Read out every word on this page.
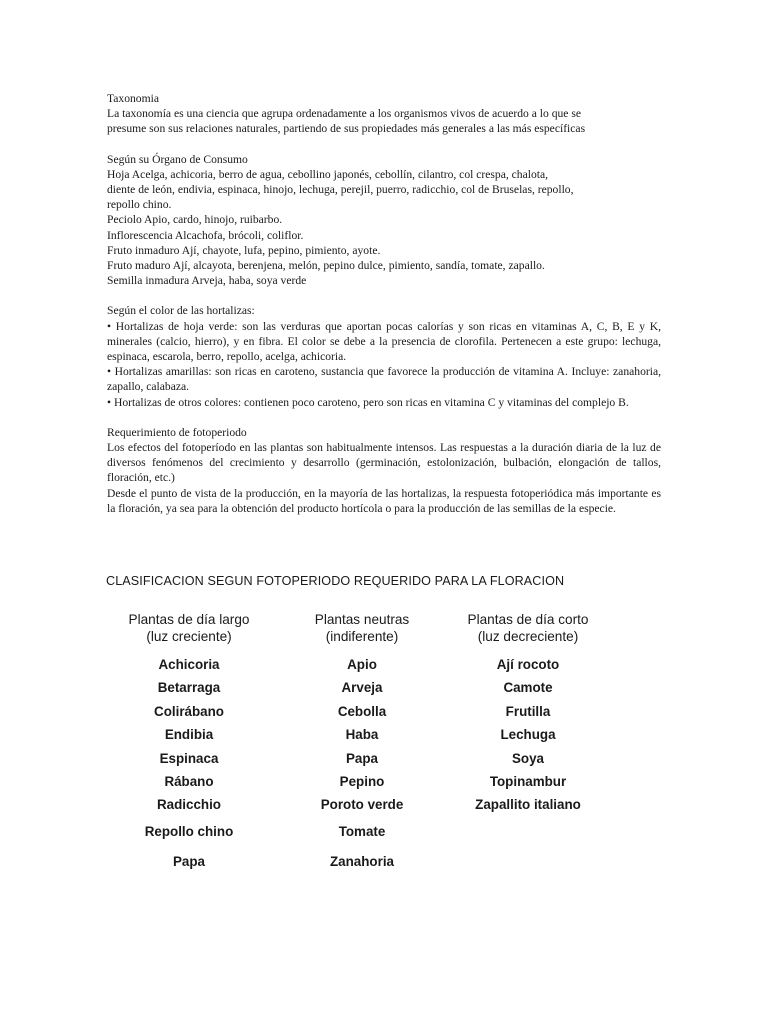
Taxonomia

La taxonomía es una ciencia que agrupa ordenadamente a los organismos vivos de acuerdo a lo que se

presume son sus relaciones naturales, partiendo de sus propiedades más generales a las más específicas

Según su Órgano de Consumo

Hoja Acelga, achicoria, berro de agua, cebollino japonés, cebollín, cilantro, col crespa, chalota,

diente de león, endivia, espinaca, hinojo, lechuga, perejil, puerro, radicchio, col de Bruselas, repollo,

repollo chino.

Peciolo Apio, cardo, hinojo, ruibarbo.

Inflorescencia Alcachofa, brócoli, coliflor.

Fruto inmaduro Ají, chayote, lufa, pepino, pimiento, ayote.

Fruto maduro Ají, alcayota, berenjena, melón, pepino dulce, pimiento, sandía, tomate, zapallo.

Semilla inmadura Arveja, haba, soya verde

Según el color de las hortalizas:

• Hortalizas de hoja verde: son las verduras que aportan pocas calorías y son ricas en vitaminas A, C, B, E y K, minerales (calcio, hierro), y en fibra. El color se debe a la presencia de clorofila. Pertenecen a este grupo: lechuga, espinaca, escarola, berro, repollo, acelga, achicoria.

• Hortalizas amarillas: son ricas en caroteno, sustancia que favorece la producción de vitamina A. Incluye: zanahoria, zapallo, calabaza.

• Hortalizas de otros colores: contienen poco caroteno, pero son ricas en vitamina C y vitaminas del complejo B.

Requerimiento de fotoperiodo

Los efectos del fotoperíodo en las plantas son habitualmente intensos. Las respuestas a la duración diaria de la luz de diversos fenómenos del crecimiento y desarrollo (germinación, estolonización, bulbación, elongación de tallos, floración, etc.)

Desde el punto de vista de la producción, en la mayoría de las hortalizas, la respuesta fotoperiódica más importante es la floración, ya sea para la obtención del producto hortícola o para la producción de las semillas de la especie.

CLASIFICACION SEGUN FOTOPERIODO REQUERIDO PARA LA FLORACION
Plantas de día largo
(luz creciente)
Achicoria
Betarraga
Colirábano
Endibia
Espinaca
Rábano
Radicchio
Repollo chino
Papa
Plantas neutras
(indiferente)
Apio
Arveja
Cebolla
Haba
Papa
Pepino
Poroto verde
Tomate
Zanahoria
Plantas de día corto
(luz decreciente)
Ají rocoto
Camote
Frutilla
Lechuga
Soya
Topinambur
Zapallito italiano
